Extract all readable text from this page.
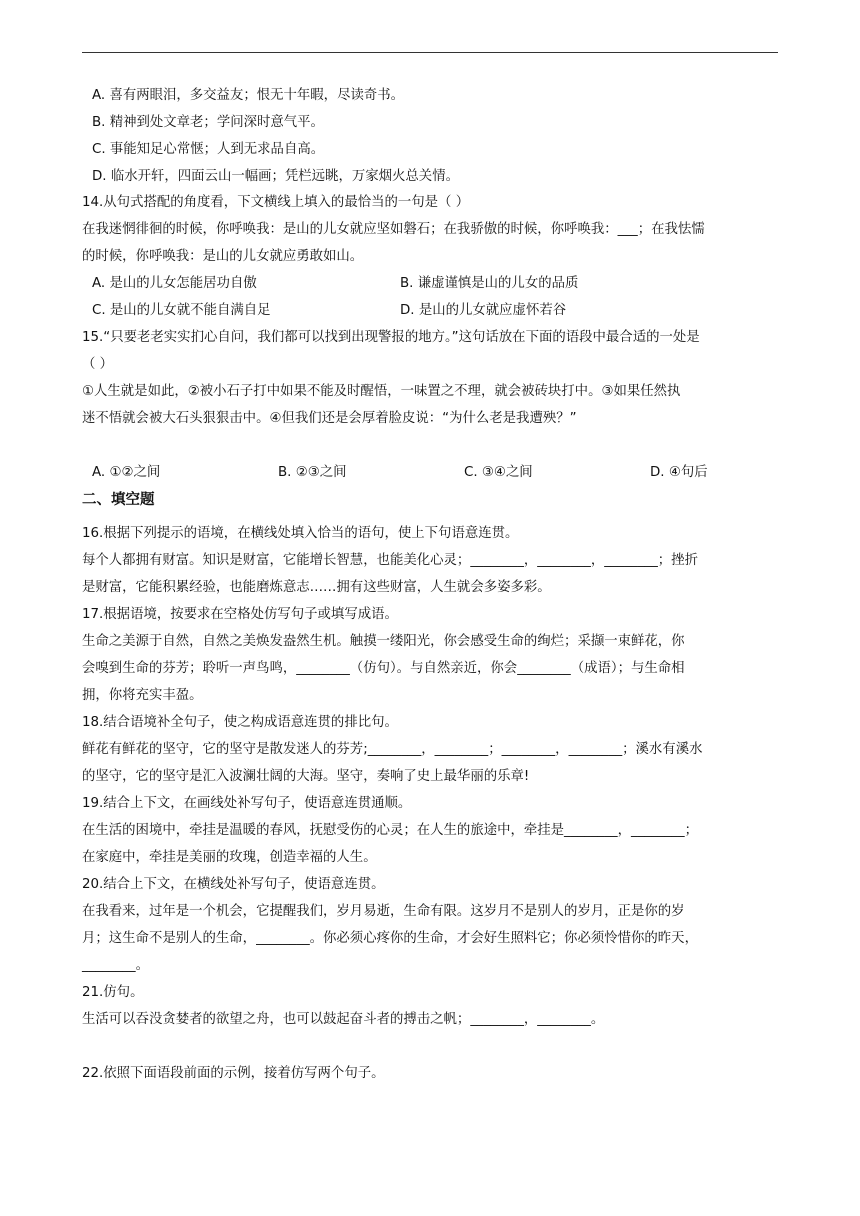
A. 喜有两眼泪，多交益友；恨无十年暇，尽读奇书。
B. 精神到处文章老；学问深时意气平。
C. 事能知足心常惬；人到无求品自高。
D. 临水开轩，四面云山一幅画；凭栏远眺，万家烟火总关情。
14.从句式搭配的角度看，下文横线上填入的最恰当的一句是（ ）
在我迷惘徘徊的时候，你呼唤我：是山的儿女就应坚如磐石；在我骄傲的时候，你呼唤我：___；在我怯懦
的时候，你呼唤我：是山的儿女就应勇敢如山。
A. 是山的儿女怎能居功自傲	B. 谦虚谨慎是山的儿女的品质
C. 是山的儿女就不能自满自足	D. 是山的儿女就应虚怀若谷
15.“只要老老实实扪心自问，我们都可以找到出现警报的地方。”这句话放在下面的语段中最合适的一处是
（ ）
①人生就是如此，②被小石子打中如果不能及时醒悟，一味置之不理，就会被砖块打中。③如果任然执
迷不悟就会被大石头狠狠击中。④但我们还是会厚着脸皮说：“为什么老是我遭殃？”
A. ①②之间	B. ②③之间	C. ③④之间	D. ④句后
二、填空题
16.根据下列提示的语境，在横线处填入恰当的语句，使上下句语意连贯。
每个人都拥有财富。知识是财富，它能增长智慧，也能美化心灵；________，________，________；挫折
是财富，它能积累经验，也能磨炼意志……拥有这些财富，人生就会多姿多彩。
17.根据语境，按要求在空格处仿写句子或填写成语。
生命之美源于自然，自然之美焕发盎然生机。触摸一缕阳光，你会感受生命的绚烂；采撷一束鲜花，你
会嗅到生命的芬芳；聆听一声鸟鸣，________（仿句）。与自然亲近，你会________（成语）；与生命相
拥，你将充实丰盈。
18.结合语境补全句子，使之构成语意连贯的排比句。
鲜花有鲜花的坚守，它的坚守是散发迷人的芬芳;________，________；________，________；溪水有溪水
的坚守，它的坚守是汇入波澜壮阔的大海。坚守，奏响了史上最华丽的乐章!
19.结合上下文，在画线处补写句子，使语意连贯通顺。
在生活的困境中，牵挂是温暖的春风，抚慰受伤的心灵；在人生的旅途中，牵挂是________，________；
在家庭中，牵挂是美丽的玫瑰，创造幸福的人生。
20.结合上下文，在横线处补写句子，使语意连贯。
在我看来，过年是一个机会，它提醒我们，岁月易逝，生命有限。这岁月不是别人的岁月，正是你的岁
月；这生命不是别人的生命，________。你必须心疼你的生命，才会好生照料它；你必须怜惜你的昨天，
________。
21.仿句。
生活可以吞没贪婪者的欲望之舟，也可以鼓起奋斗者的搏击之帆；________，________。
22.依照下面语段前面的示例，接着仿写两个句子。
